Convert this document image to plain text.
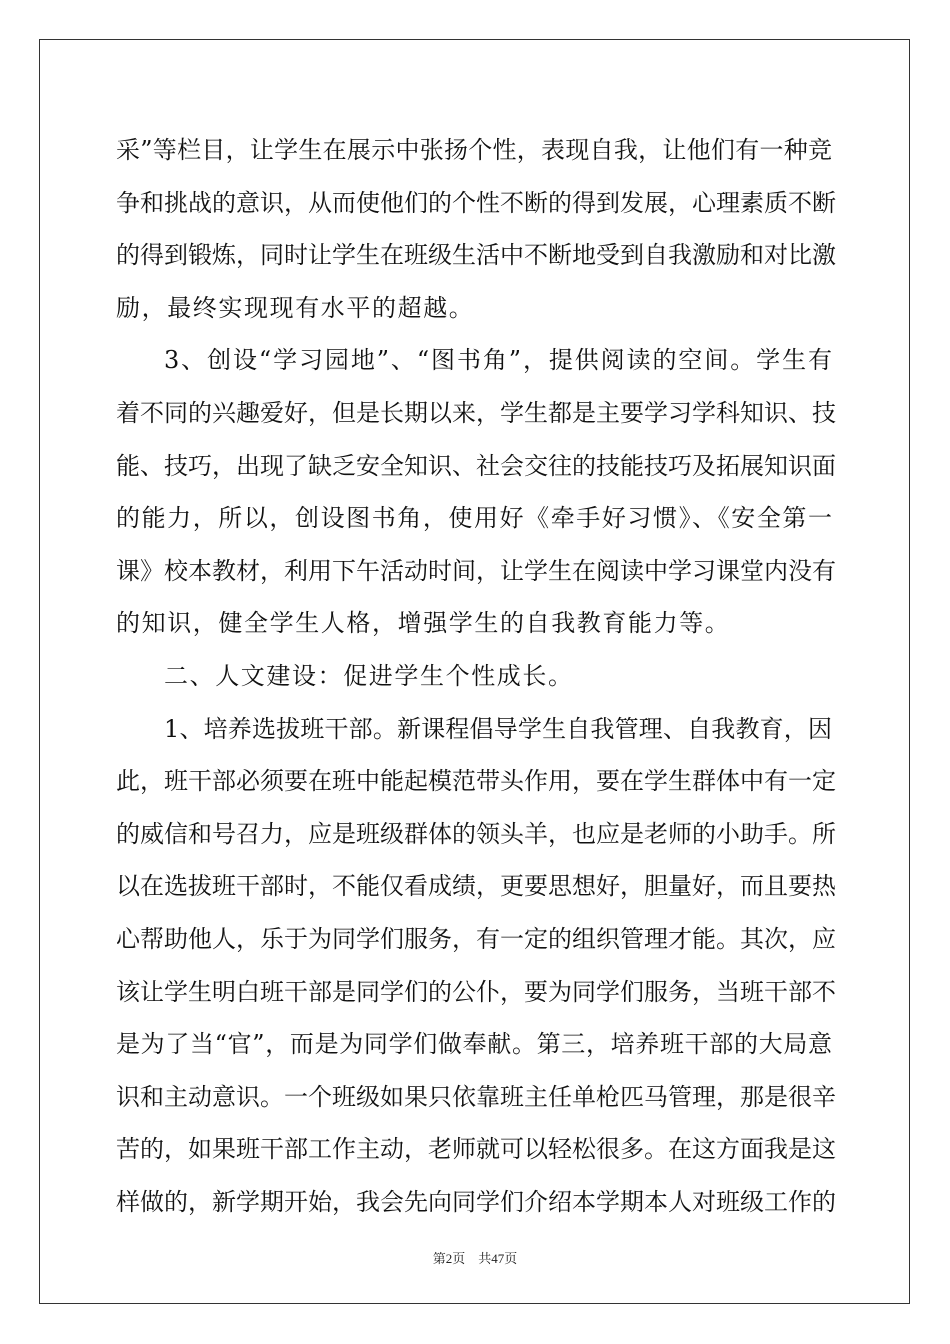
采”等栏目，让学生在展示中张扬个性，表现自我，让他们有一种竞
争和挑战的意识，从而使他们的个性不断的得到发展，心理素质不断
的得到锻炼，同时让学生在班级生活中不断地受到自我激励和对比激
励，最终实现现有水平的超越。
3、创设“学习园地”、“图书角”，提供阅读的空间。学生有
着不同的兴趣爱好，但是长期以来，学生都是主要学习学科知识、技
能、技巧，出现了缺乏安全知识、社会交往的技能技巧及拓展知识面
的能力，所以，创设图书角，使用好《牵手好习惯》、《安全第一
课》校本教材，利用下午活动时间，让学生在阅读中学习课堂内没有
的知识，健全学生人格，增强学生的自我教育能力等。
二、人文建设：促进学生个性成长。
1、培养选拔班干部。新课程倡导学生自我管理、自我教育，因
此，班干部必须要在班中能起模范带头作用，要在学生群体中有一定
的威信和号召力，应是班级群体的领头羊，也应是老师的小助手。所
以在选拔班干部时，不能仅看成绩，更要思想好，胆量好，而且要热
心帮助他人，乐于为同学们服务，有一定的组织管理才能。其次，应
该让学生明白班干部是同学们的公仆，要为同学们服务，当班干部不
是为了当“官”，而是为同学们做奉献。第三，培养班干部的大局意
识和主动意识。一个班级如果只依靠班主任单枪匹马管理，那是很辛
苦的，如果班干部工作主动，老师就可以轻松很多。在这方面我是这
样做的，新学期开始，我会先向同学们介绍本学期本人对班级工作的
第2页　共47页
